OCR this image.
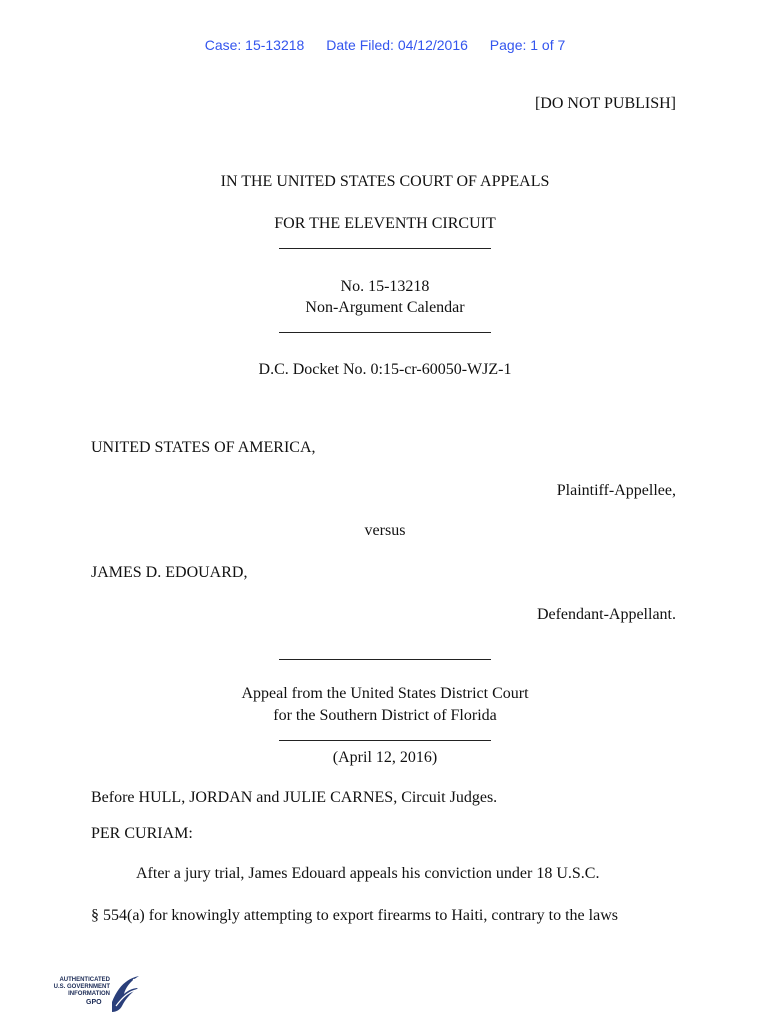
Case: 15-13218 Date Filed: 04/12/2016 Page: 1 of 7
[DO NOT PUBLISH]
IN THE UNITED STATES COURT OF APPEALS
FOR THE ELEVENTH CIRCUIT
No. 15-13218
Non-Argument Calendar
D.C. Docket No. 0:15-cr-60050-WJZ-1
UNITED STATES OF AMERICA,
Plaintiff-Appellee,
versus
JAMES D. EDOUARD,
Defendant-Appellant.
Appeal from the United States District Court
for the Southern District of Florida
(April 12, 2016)
Before HULL, JORDAN and JULIE CARNES, Circuit Judges.
PER CURIAM:
After a jury trial, James Edouard appeals his conviction under 18 U.S.C.
§ 554(a) for knowingly attempting to export firearms to Haiti, contrary to the laws
AUTHENTICATED
U.S. GOVERNMENT
INFORMATION
GPO
